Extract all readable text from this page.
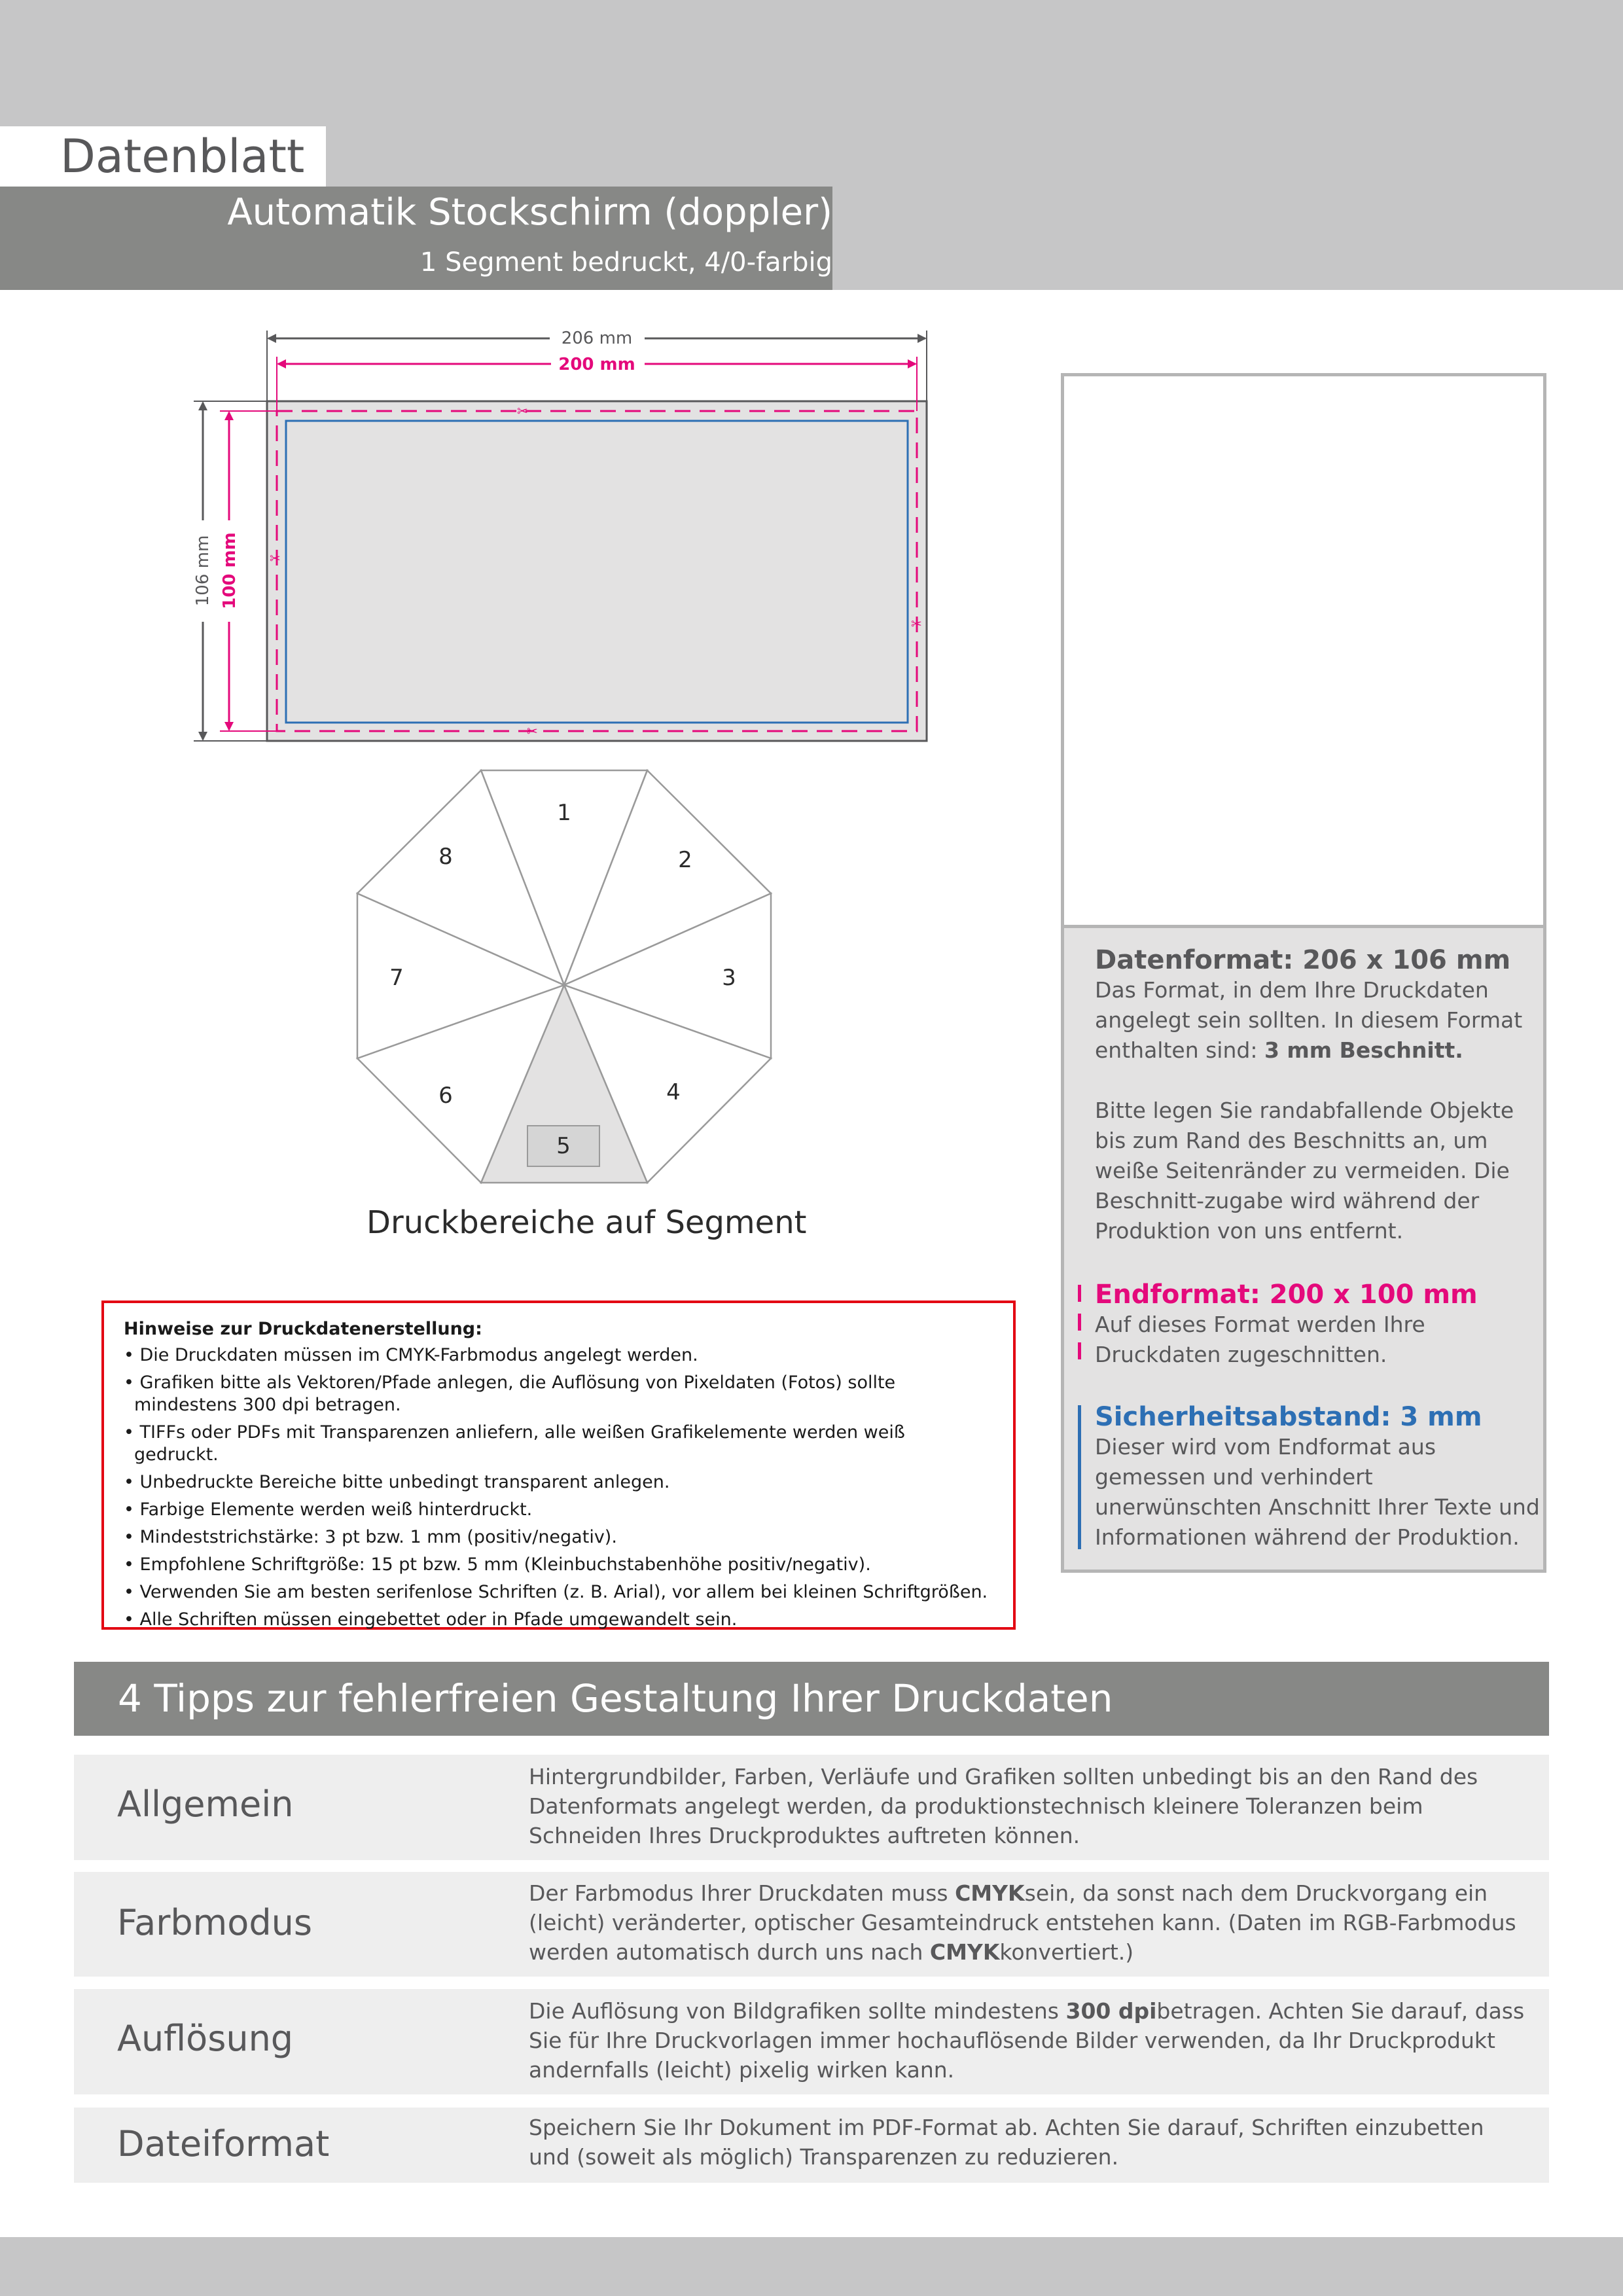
Datenblatt
Automatik Stockschirm (doppler)
1 Segment bedruckt, 4/0-farbig
✂
✂
✂
✂
206 mm
200 mm
106 mm 100 mm
1
2
3
4
5
6
7
8
Druckbereiche auf Segment

Datenformat: 206 x 106 mm

Das Format, in dem Ihre Druckdaten angelegt sein sollten. In diesem Format enthalten sind: 3 mm Beschnitt.

Bitte legen Sie randabfallende Objekte bis zum Rand des Beschnitts an, um weiße Seitenränder zu vermeiden. Die Beschnitt-zugabe wird während der Produktion von uns entfernt.

Endformat: 200 x 100 mm

Auf dieses Format werden Ihre Druckdaten zugeschnitten.

Sicherheitsabstand: 3 mm

Dieser wird vom Endformat aus gemessen und verhindert unerwünschten Anschnitt Ihrer Texte und Informationen während der Produktion.

Hinweise zur Druckdatenerstellung:
• Die Druckdaten müssen im CMYK-Farbmodus angelegt werden.
• Grafiken bitte als Vektoren/Pfade anlegen, die Auflösung von Pixeldaten (Fotos) sollte mindestens 300 dpi betragen.
• TIFFs oder PDFs mit Transparenzen anliefern, alle weißen Grafikelemente werden weiß gedruckt.
• Unbedruckte Bereiche bitte unbedingt transparent anlegen.
• Farbige Elemente werden weiß hinterdruckt.
• Mindeststrichstärke: 3 pt bzw. 1 mm (positiv/negativ).
• Empfohlene Schriftgröße: 15 pt bzw. 5 mm (Kleinbuchstabenhöhe positiv/negativ).
• Verwenden Sie am besten serifenlose Schriften (z. B. Arial), vor allem bei kleinen Schriftgrößen.
• Alle Schriften müssen eingebettet oder in Pfade umgewandelt sein.
4 Tipps zur fehlerfreien Gestaltung Ihrer Druckdaten
Allgemein
Hintergrundbilder, Farben, Verläufe und Grafiken sollten unbedingt bis an den Rand des Datenformats angelegt werden, da produktionstechnisch kleinere Toleranzen beim Schneiden Ihres Druckproduktes auftreten können.
Farbmodus
Der Farbmodus Ihrer Druckdaten muss CMYKsein, da sonst nach dem Druckvorgang ein (leicht) veränderter, optischer Gesamteindruck entstehen kann. (Daten im RGB-Farbmodus werden automatisch durch uns nach CMYKkonvertiert.)
Auflösung
Die Auflösung von Bildgrafiken sollte mindestens 300 dpibetragen. Achten Sie darauf, dass Sie für Ihre Druckvorlagen immer hochauflösende Bilder verwenden, da Ihr Druckprodukt andernfalls (leicht) pixelig wirken kann.
Dateiformat	Speichern Sie Ihr Dokument im PDF-Format ab. Achten Sie darauf, Schriften einzubetten und (soweit als möglich) Transparenzen zu reduzieren.
